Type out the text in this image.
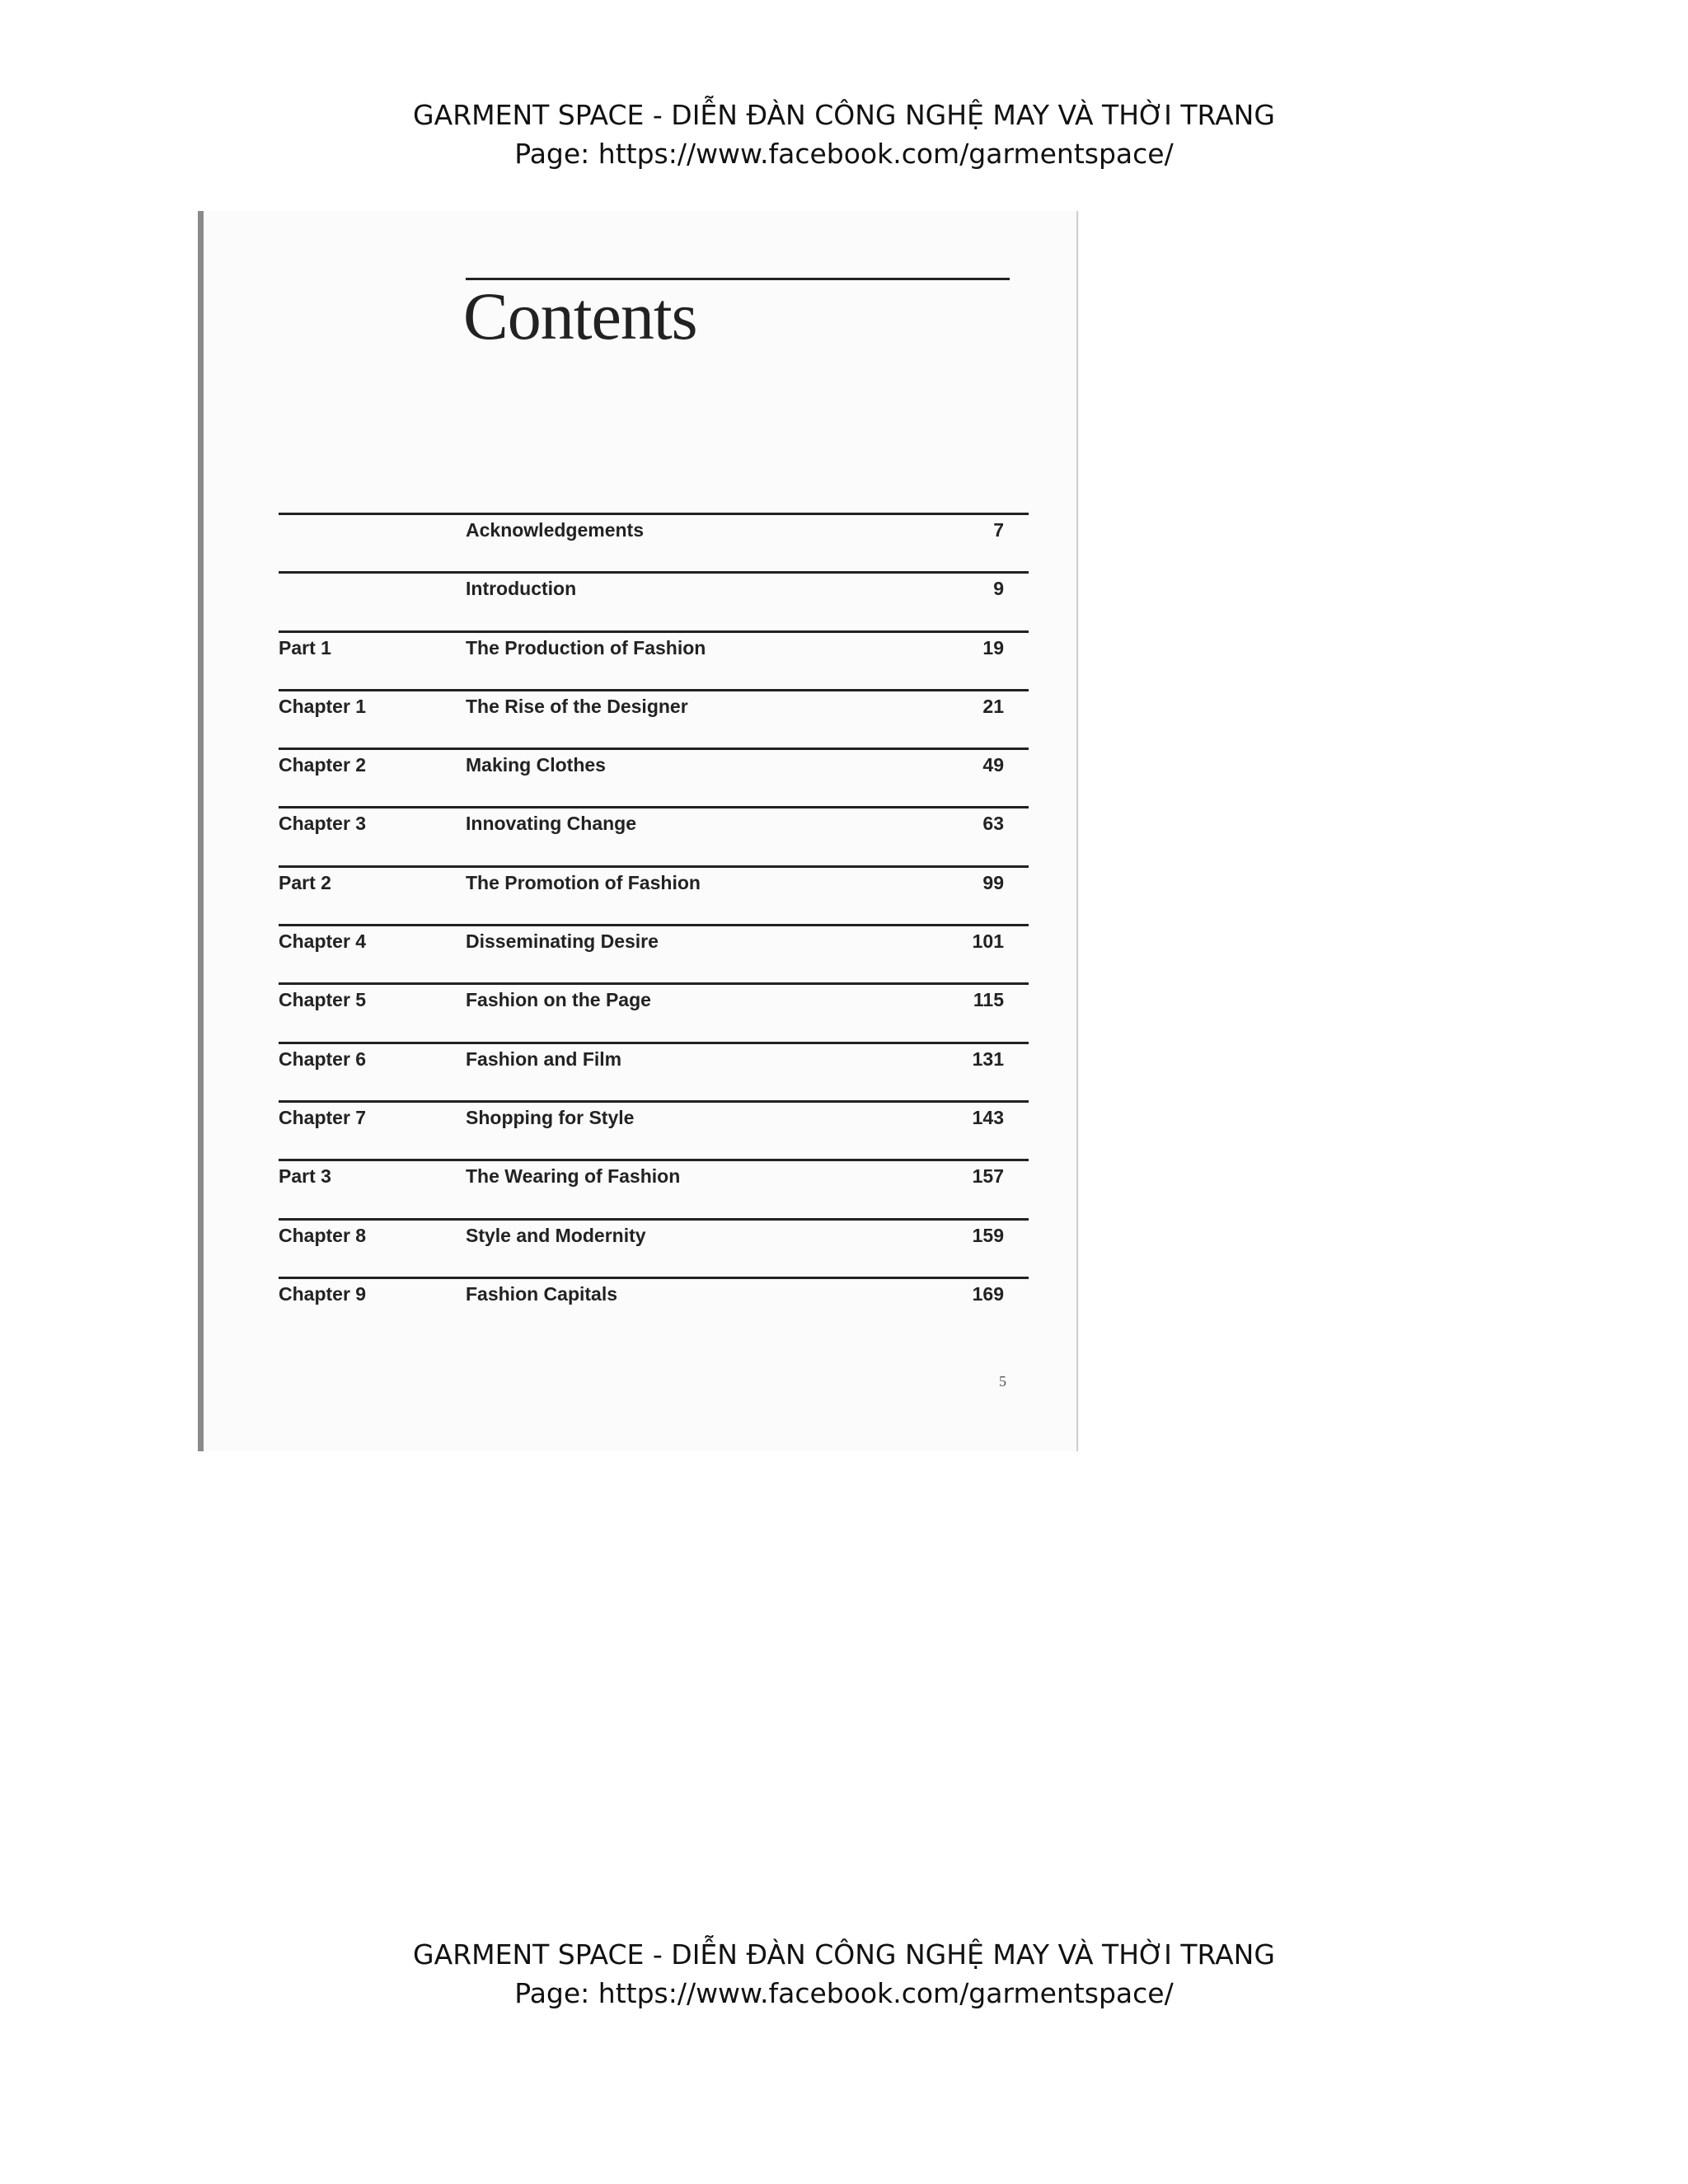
GARMENT SPACE - DIỄN ĐÀN CÔNG NGHỆ MAY VÀ THỜI TRANG
Page: https://www.facebook.com/garmentspace/
Contents
Acknowledgements	7
Introduction	9
Part 1	The Production of Fashion	19
Chapter 1	The Rise of the Designer	21
Chapter 2	Making Clothes	49
Chapter 3	Innovating Change	63
Part 2	The Promotion of Fashion	99
Chapter 4	Disseminating Desire	101
Chapter 5	Fashion on the Page	115
Chapter 6	Fashion and Film	131
Chapter 7	Shopping for Style	143
Part 3	The Wearing of Fashion	157
Chapter 8	Style and Modernity	159
Chapter 9	Fashion Capitals	169
5
GARMENT SPACE - DIỄN ĐÀN CÔNG NGHỆ MAY VÀ THỜI TRANG
Page: https://www.facebook.com/garmentspace/
